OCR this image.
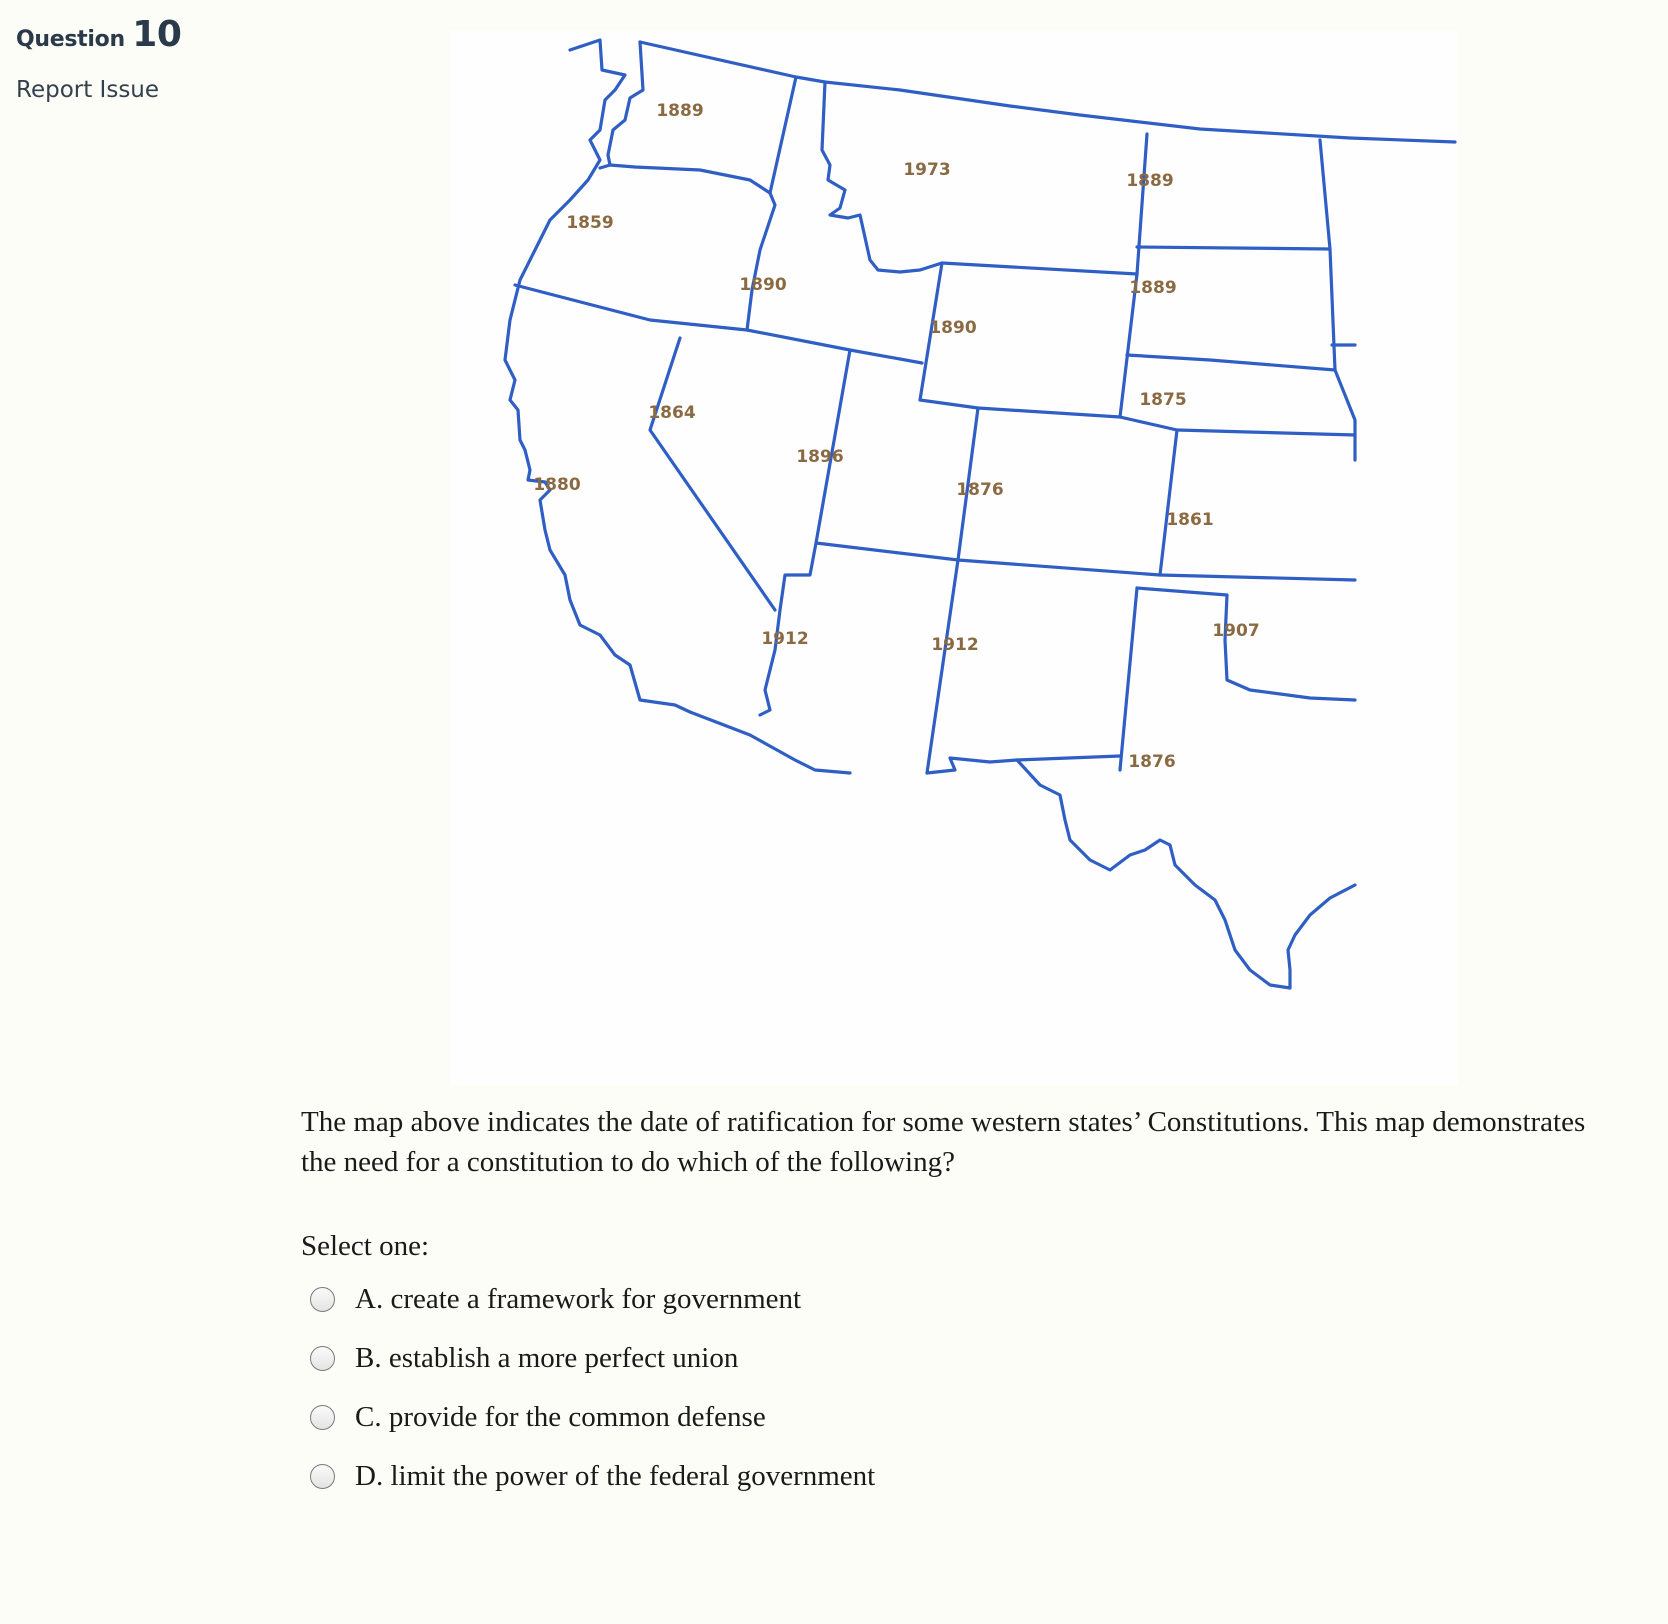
Question 10
Report Issue
1889
1859
1890
1973
1890
1889
1889
1875
1880
1864
1896
1876
1861
1912	1912
1907
1876
The map above indicates the date of ratification for some western states’ Constitutions. This map demonstrates the need for a constitution to do which of the following?
Select one:
A. create a framework for government
B. establish a more perfect union
C. provide for the common defense
D. limit the power of the federal government
